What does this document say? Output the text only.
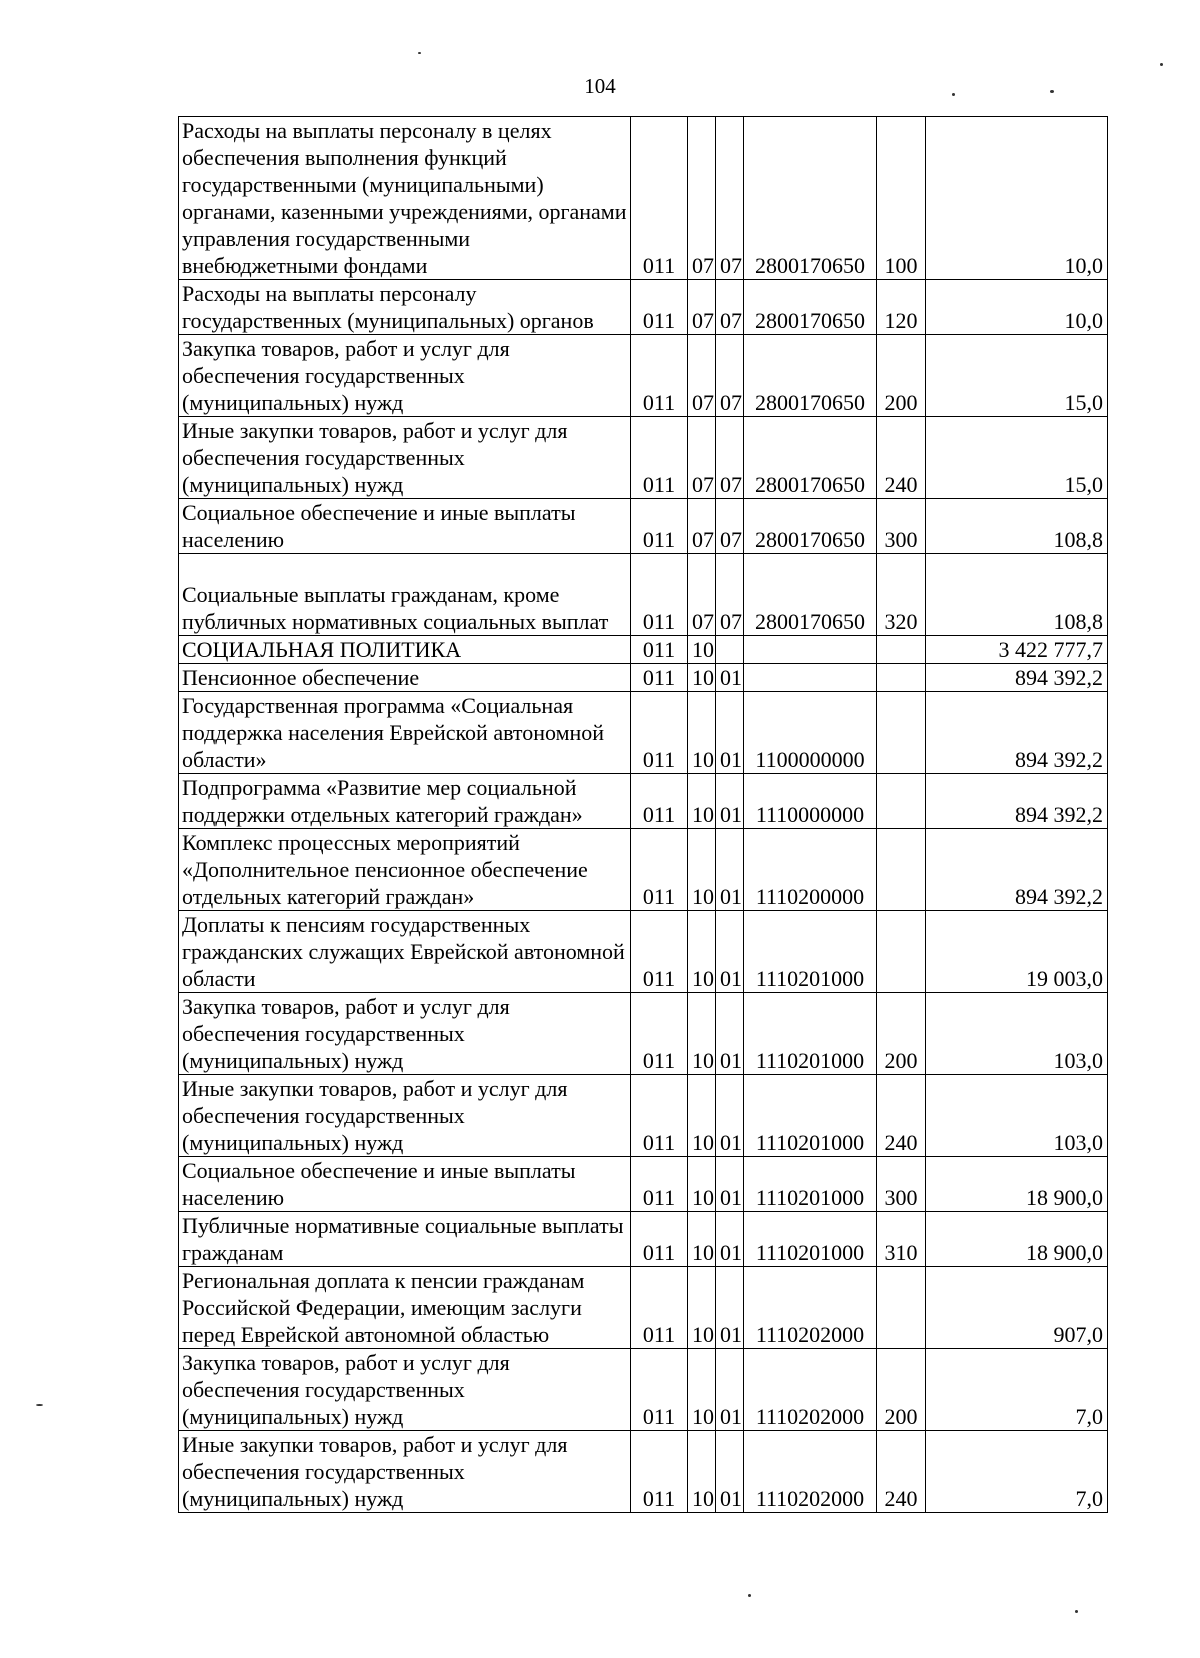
104
Расходы на выплаты персоналу в целях обеспечения выполнения функций государственными (муниципальными) органами, казенными учреждениями, органами управления государственными внебюджетными фондами	011	07	07	2800170650	100	10,0
Расходы на выплаты персоналу государственных (муниципальных) органов	011	07	07	2800170650	120	10,0
Закупка товаров, работ и услуг для обеспечения государственных (муниципальных) нужд	011	07	07	2800170650	200	15,0
Иные закупки товаров, работ и услуг для обеспечения государственных (муниципальных) нужд	011	07	07	2800170650	240	15,0
Социальное обеспечение и иные выплаты населению	011	07	07	2800170650	300	108,8
Социальные выплаты гражданам, кроме публичных нормативных социальных выплат	011	07	07	2800170650	320	108,8
СОЦИАЛЬНАЯ ПОЛИТИКА	011	10				3 422 777,7
Пенсионное обеспечение	011	10	01			894 392,2
Государственная программа «Социальная поддержка населения Еврейской автономной области»	011	10	01	1100000000		894 392,2
Подпрограмма «Развитие мер социальной поддержки отдельных категорий граждан»	011	10	01	1110000000		894 392,2
Комплекс процессных мероприятий «Дополнительное пенсионное обеспечение отдельных категорий граждан»	011	10	01	1110200000		894 392,2
Доплаты к пенсиям государственных гражданских служащих Еврейской автономной области	011	10	01	1110201000		19 003,0
Закупка товаров, работ и услуг для обеспечения государственных (муниципальных) нужд	011	10	01	1110201000	200	103,0
Иные закупки товаров, работ и услуг для обеспечения государственных (муниципальных) нужд	011	10	01	1110201000	240	103,0
Социальное обеспечение и иные выплаты населению	011	10	01	1110201000	300	18 900,0
Публичные нормативные социальные выплаты гражданам	011	10	01	1110201000	310	18 900,0
Региональная доплата к пенсии гражданам Российской Федерации, имеющим заслуги перед Еврейской автономной областью	011	10	01	1110202000		907,0
Закупка товаров, работ и услуг для обеспечения государственных (муниципальных) нужд	011	10	01	1110202000	200	7,0
Иные закупки товаров, работ и услуг для обеспечения государственных (муниципальных) нужд	011	10	01	1110202000	240	7,0
